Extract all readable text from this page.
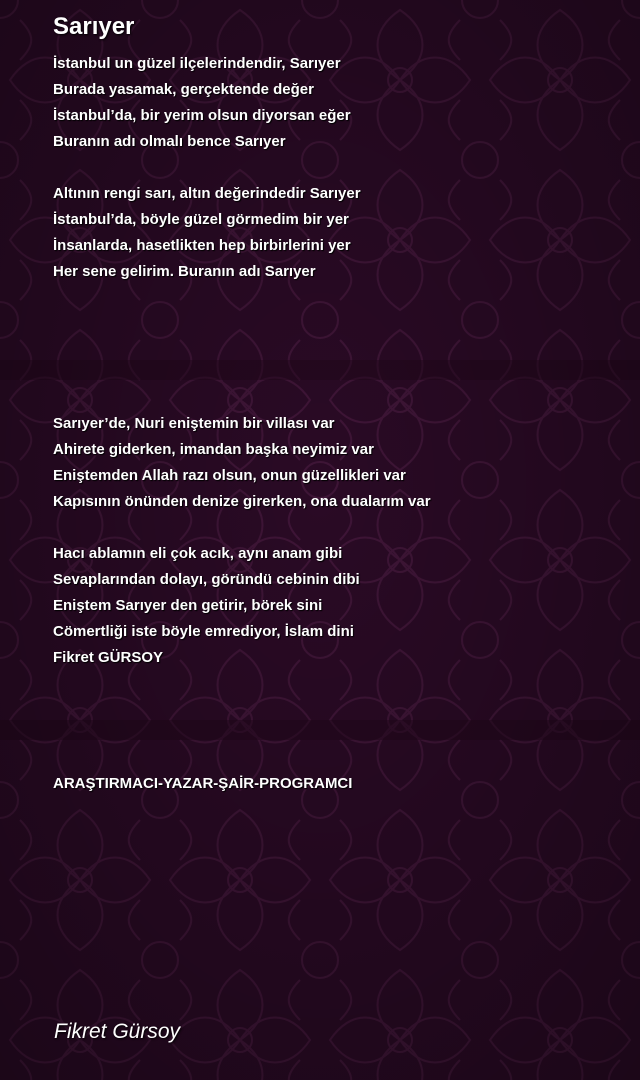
Sarıyer
İstanbul un güzel ilçelerindendir, Sarıyer
Burada yasamak, gerçektende değer
İstanbul’da, bir yerim olsun diyorsan eğer
Buranın adı olmalı bence Sarıyer
Altının rengi sarı, altın değerindedir Sarıyer
İstanbul’da, böyle güzel görmedim bir yer
İnsanlarda, hasetlikten hep birbirlerini yer
Her sene gelirim. Buranın adı Sarıyer
Sarıyer’de, Nuri eniştemin bir villası var
Ahirete giderken, imandan başka neyimiz var
Eniştemden Allah razı olsun, onun güzellikleri var
Kapısının önünden denize girerken, ona dualarım var
Hacı ablamın eli çok acık, aynı anam gibi
Sevaplarından dolayı, göründü cebinin dibi
Eniştem Sarıyer den getirir, börek sini
Cömertliği iste böyle emrediyor, İslam dini
Fikret GÜRSOY
ARAŞTIRMACI-YAZAR-ŞAİR-PROGRAMCI
Fikret Gürsoy
